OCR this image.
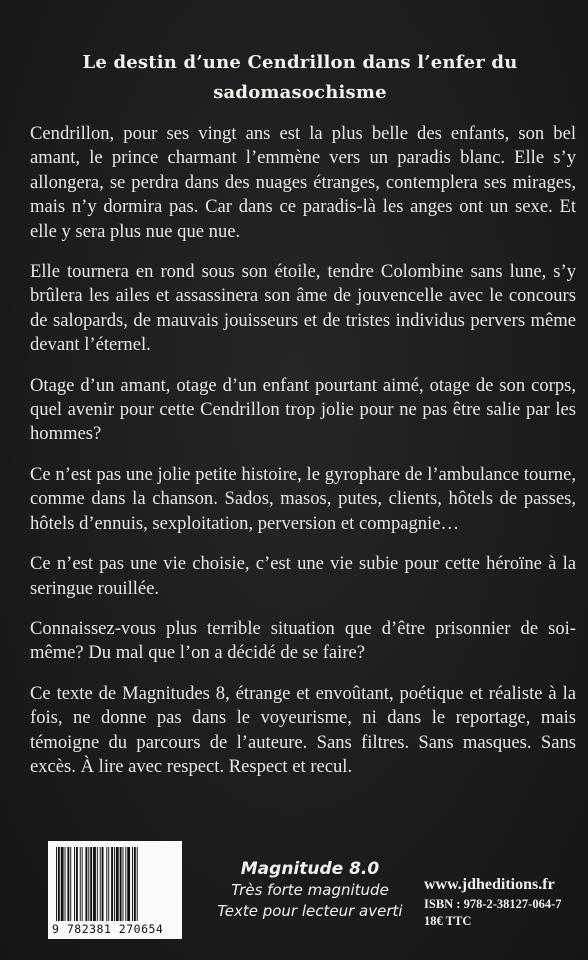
Le destin d’une Cendrillon dans l’enfer du sadomasochisme

Cendrillon, pour ses vingt ans est la plus belle des enfants, son bel amant, le prince charmant l’emmène vers un paradis blanc. Elle s’y allongera, se perdra dans des nuages étranges, contemplera ses mirages, mais n’y dormira pas. Car dans ce paradis-là les anges ont un sexe. Et elle y sera plus nue que nue.

Elle tournera en rond sous son étoile, tendre Colombine sans lune, s’y brûlera les ailes et assassinera son âme de jouvencelle avec le concours de salopards, de mauvais jouisseurs et de tristes individus pervers même devant l’éternel.

Otage d’un amant, otage d’un enfant pourtant aimé, otage de son corps, quel avenir pour cette Cendrillon trop jolie pour ne pas être salie par les hommes?

Ce n’est pas une jolie petite histoire, le gyrophare de l’ambulance tourne, comme dans la chanson. Sados, masos, putes, clients, hôtels de passes, hôtels d’ennuis, sexploitation, perversion et compagnie…

Ce n’est pas une vie choisie, c’est une vie subie pour cette héroïne à la seringue rouillée.

Connaissez-vous plus terrible situation que d’être prisonnier de soi-même? Du mal que l’on a décidé de se faire?

Ce texte de Magnitudes 8, étrange et envoûtant, poétique et réaliste à la fois, ne donne pas dans le voyeurisme, ni dans le reportage, mais témoigne du parcours de l’auteure. Sans filtres. Sans masques. Sans excès. À lire avec respect. Respect et recul.

9 782381 270654
Magnitude 8.0
Très forte magnitude
Texte pour lecteur averti
www.jdheditions.fr
ISBN : 978-2-38127-064-7
18€ TTC
